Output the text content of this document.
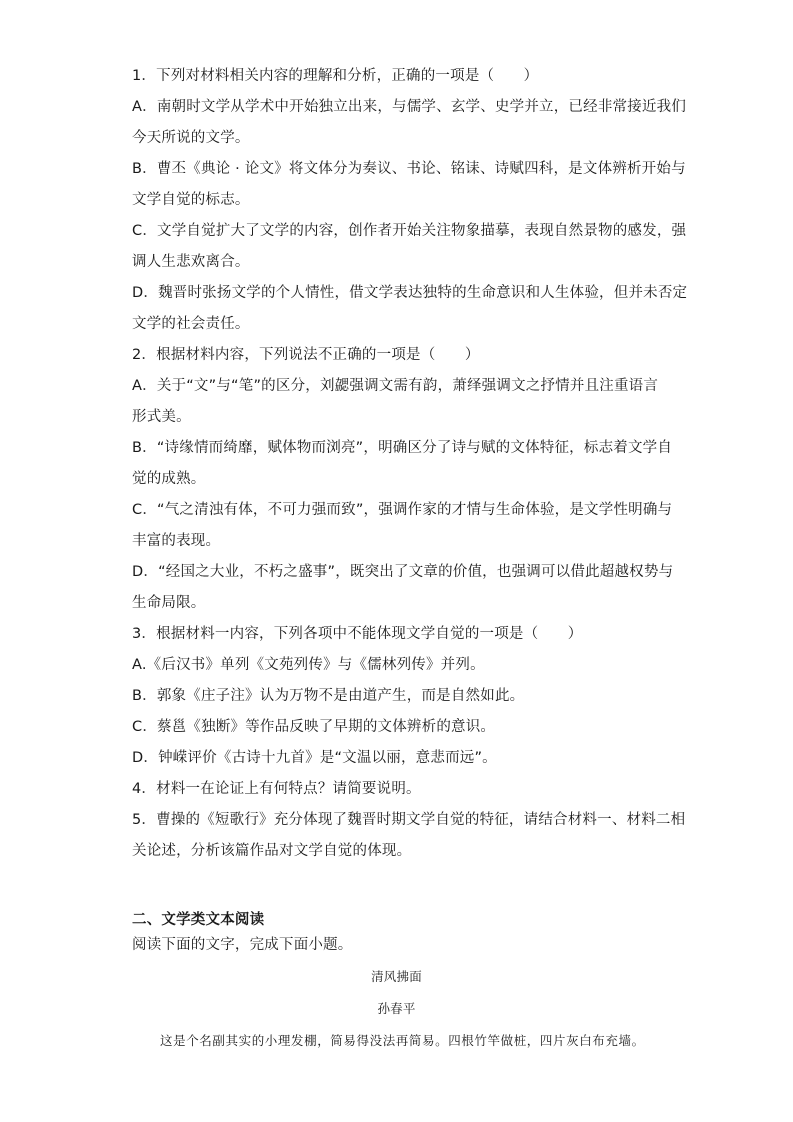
1．下列对材料相关内容的理解和分析，正确的一项是（　　）
A．南朝时文学从学术中开始独立出来，与儒学、玄学、史学并立，已经非常接近我们
今天所说的文学。
B．曹丕《典论 · 论文》将文体分为奏议、书论、铭诔、诗赋四科，是文体辨析开始与
文学自觉的标志。
C．文学自觉扩大了文学的内容，创作者开始关注物象描摹，表现自然景物的感发，强
调人生悲欢离合。
D．魏晋时张扬文学的个人情性，借文学表达独特的生命意识和人生体验，但并未否定
文学的社会责任。
2．根据材料内容，下列说法不正确的一项是（　　）
A．关于“文”与“笔”的区分，刘勰强调文需有韵，萧绎强调文之抒情并且注重语言
形式美。
B．“诗缘情而绮靡，赋体物而浏亮”，明确区分了诗与赋的文体特征，标志着文学自
觉的成熟。
C．“气之清浊有体，不可力强而致”，强调作家的才情与生命体验，是文学性明确与
丰富的表现。
D．“经国之大业，不朽之盛事”，既突出了文章的价值，也强调可以借此超越权势与
生命局限。
3．根据材料一内容，下列各项中不能体现文学自觉的一项是（　　）
A.《后汉书》单列《文苑列传》与《儒林列传》并列。
B．郭象《庄子注》认为万物不是由道产生，而是自然如此。
C．蔡邕《独断》等作品反映了早期的文体辨析的意识。
D．钟嵘评价《古诗十九首》是“文温以丽，意悲而远”。
4．材料一在论证上有何特点？请简要说明。
5．曹操的《短歌行》充分体现了魏晋时期文学自觉的特征，请结合材料一、材料二相
关论述，分析该篇作品对文学自觉的体现。
二、文学类文本阅读
阅读下面的文字，完成下面小题。
清风拂面
孙春平
这是个名副其实的小理发棚，简易得没法再简易。四根竹竿做桩，四片灰白布充墙。
